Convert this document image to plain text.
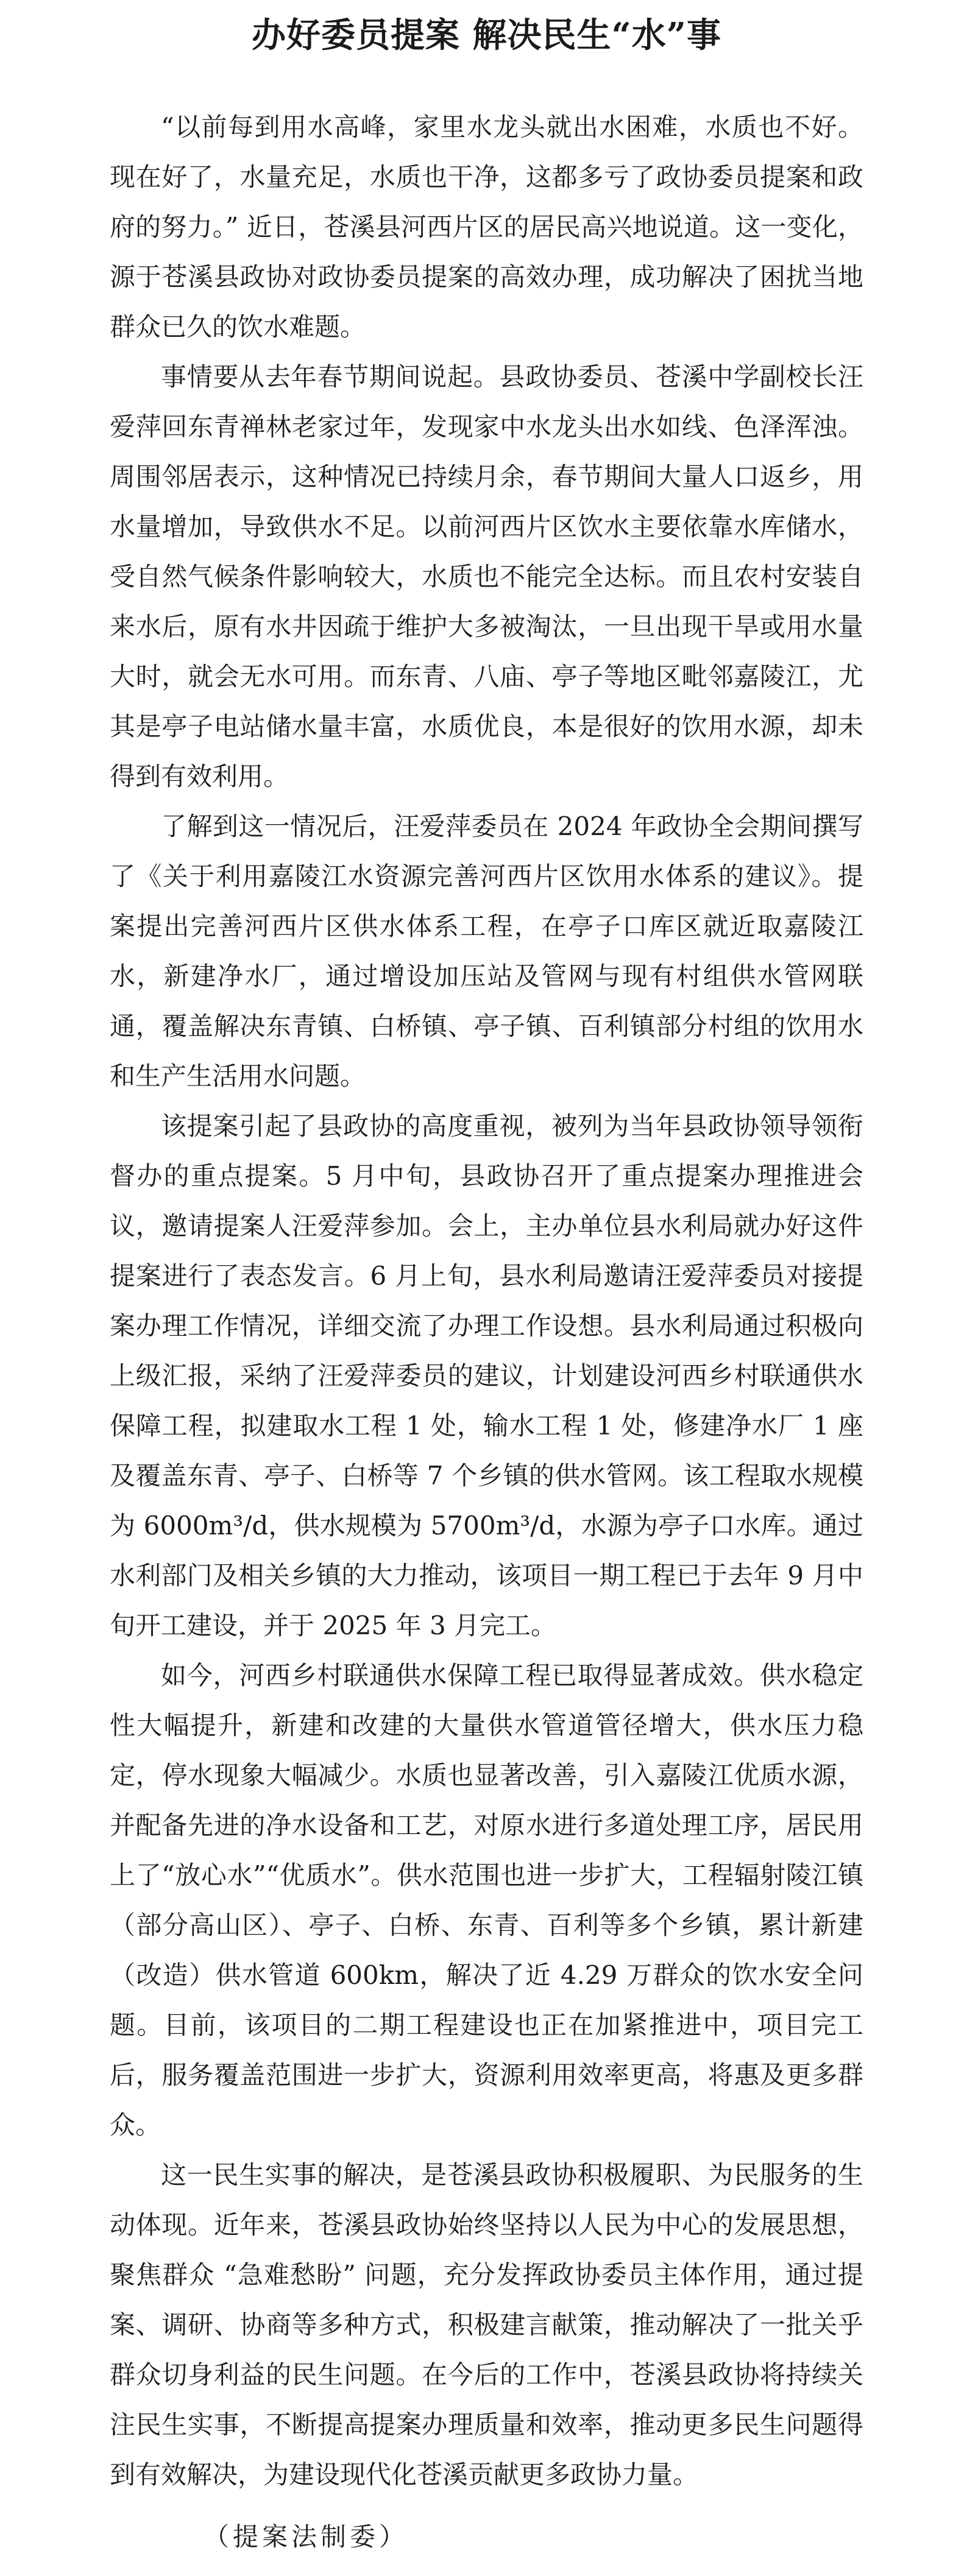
办好委员提案 解决民生“水”事

“以前每到用水高峰，家里水龙头就出水困难，水质也不好。现在好了，水量充足，水质也干净，这都多亏了政协委员提案和政府的努力。” 近日，苍溪县河西片区的居民高兴地说道。这一变化，源于苍溪县政协对政协委员提案的高效办理，成功解决了困扰当地群众已久的饮水难题。

事情要从去年春节期间说起。县政协委员、苍溪中学副校长汪爱萍回东青禅林老家过年，发现家中水龙头出水如线、色泽浑浊。周围邻居表示，这种情况已持续月余，春节期间大量人口返乡，用水量增加，导致供水不足。以前河西片区饮水主要依靠水库储水，受自然气候条件影响较大，水质也不能完全达标。而且农村安装自来水后，原有水井因疏于维护大多被淘汰，一旦出现干旱或用水量大时，就会无水可用。而东青、八庙、亭子等地区毗邻嘉陵江，尤其是亭子电站储水量丰富，水质优良，本是很好的饮用水源，却未得到有效利用。

了解到这一情况后，汪爱萍委员在 2024 年政协全会期间撰写了《关于利用嘉陵江水资源完善河西片区饮用水体系的建议》。提案提出完善河西片区供水体系工程，在亭子口库区就近取嘉陵江水，新建净水厂，通过增设加压站及管网与现有村组供水管网联通，覆盖解决东青镇、白桥镇、亭子镇、百利镇部分村组的饮用水和生产生活用水问题。

该提案引起了县政协的高度重视，被列为当年县政协领导领衔督办的重点提案。5 月中旬，县政协召开了重点提案办理推进会议，邀请提案人汪爱萍参加。会上，主办单位县水利局就办好这件提案进行了表态发言。6 月上旬，县水利局邀请汪爱萍委员对接提案办理工作情况，详细交流了办理工作设想。县水利局通过积极向上级汇报，采纳了汪爱萍委员的建议，计划建设河西乡村联通供水保障工程，拟建取水工程 1 处，输水工程 1 处，修建净水厂 1 座及覆盖东青、亭子、白桥等 7 个乡镇的供水管网。该工程取水规模为 6000m³/d，供水规模为 5700m³/d，水源为亭子口水库。通过水利部门及相关乡镇的大力推动，该项目一期工程已于去年 9 月中旬开工建设，并于 2025 年 3 月完工。

如今，河西乡村联通供水保障工程已取得显著成效。供水稳定性大幅提升，新建和改建的大量供水管道管径增大，供水压力稳定，停水现象大幅减少。水质也显著改善，引入嘉陵江优质水源，并配备先进的净水设备和工艺，对原水进行多道处理工序，居民用上了“放心水”“优质水”。供水范围也进一步扩大，工程辐射陵江镇（部分高山区）、亭子、白桥、东青、百利等多个乡镇，累计新建（改造）供水管道 600km，解决了近 4.29 万群众的饮水安全问题。目前，该项目的二期工程建设也正在加紧推进中，项目完工后，服务覆盖范围进一步扩大，资源利用效率更高，将惠及更多群众。

这一民生实事的解决，是苍溪县政协积极履职、为民服务的生动体现。近年来，苍溪县政协始终坚持以人民为中心的发展思想，聚焦群众 “急难愁盼” 问题，充分发挥政协委员主体作用，通过提案、调研、协商等多种方式，积极建言献策，推动解决了一批关乎群众切身利益的民生问题。在今后的工作中，苍溪县政协将持续关注民生实事，不断提高提案办理质量和效率，推动更多民生问题得到有效解决，为建设现代化苍溪贡献更多政协力量。

（提案法制委）
